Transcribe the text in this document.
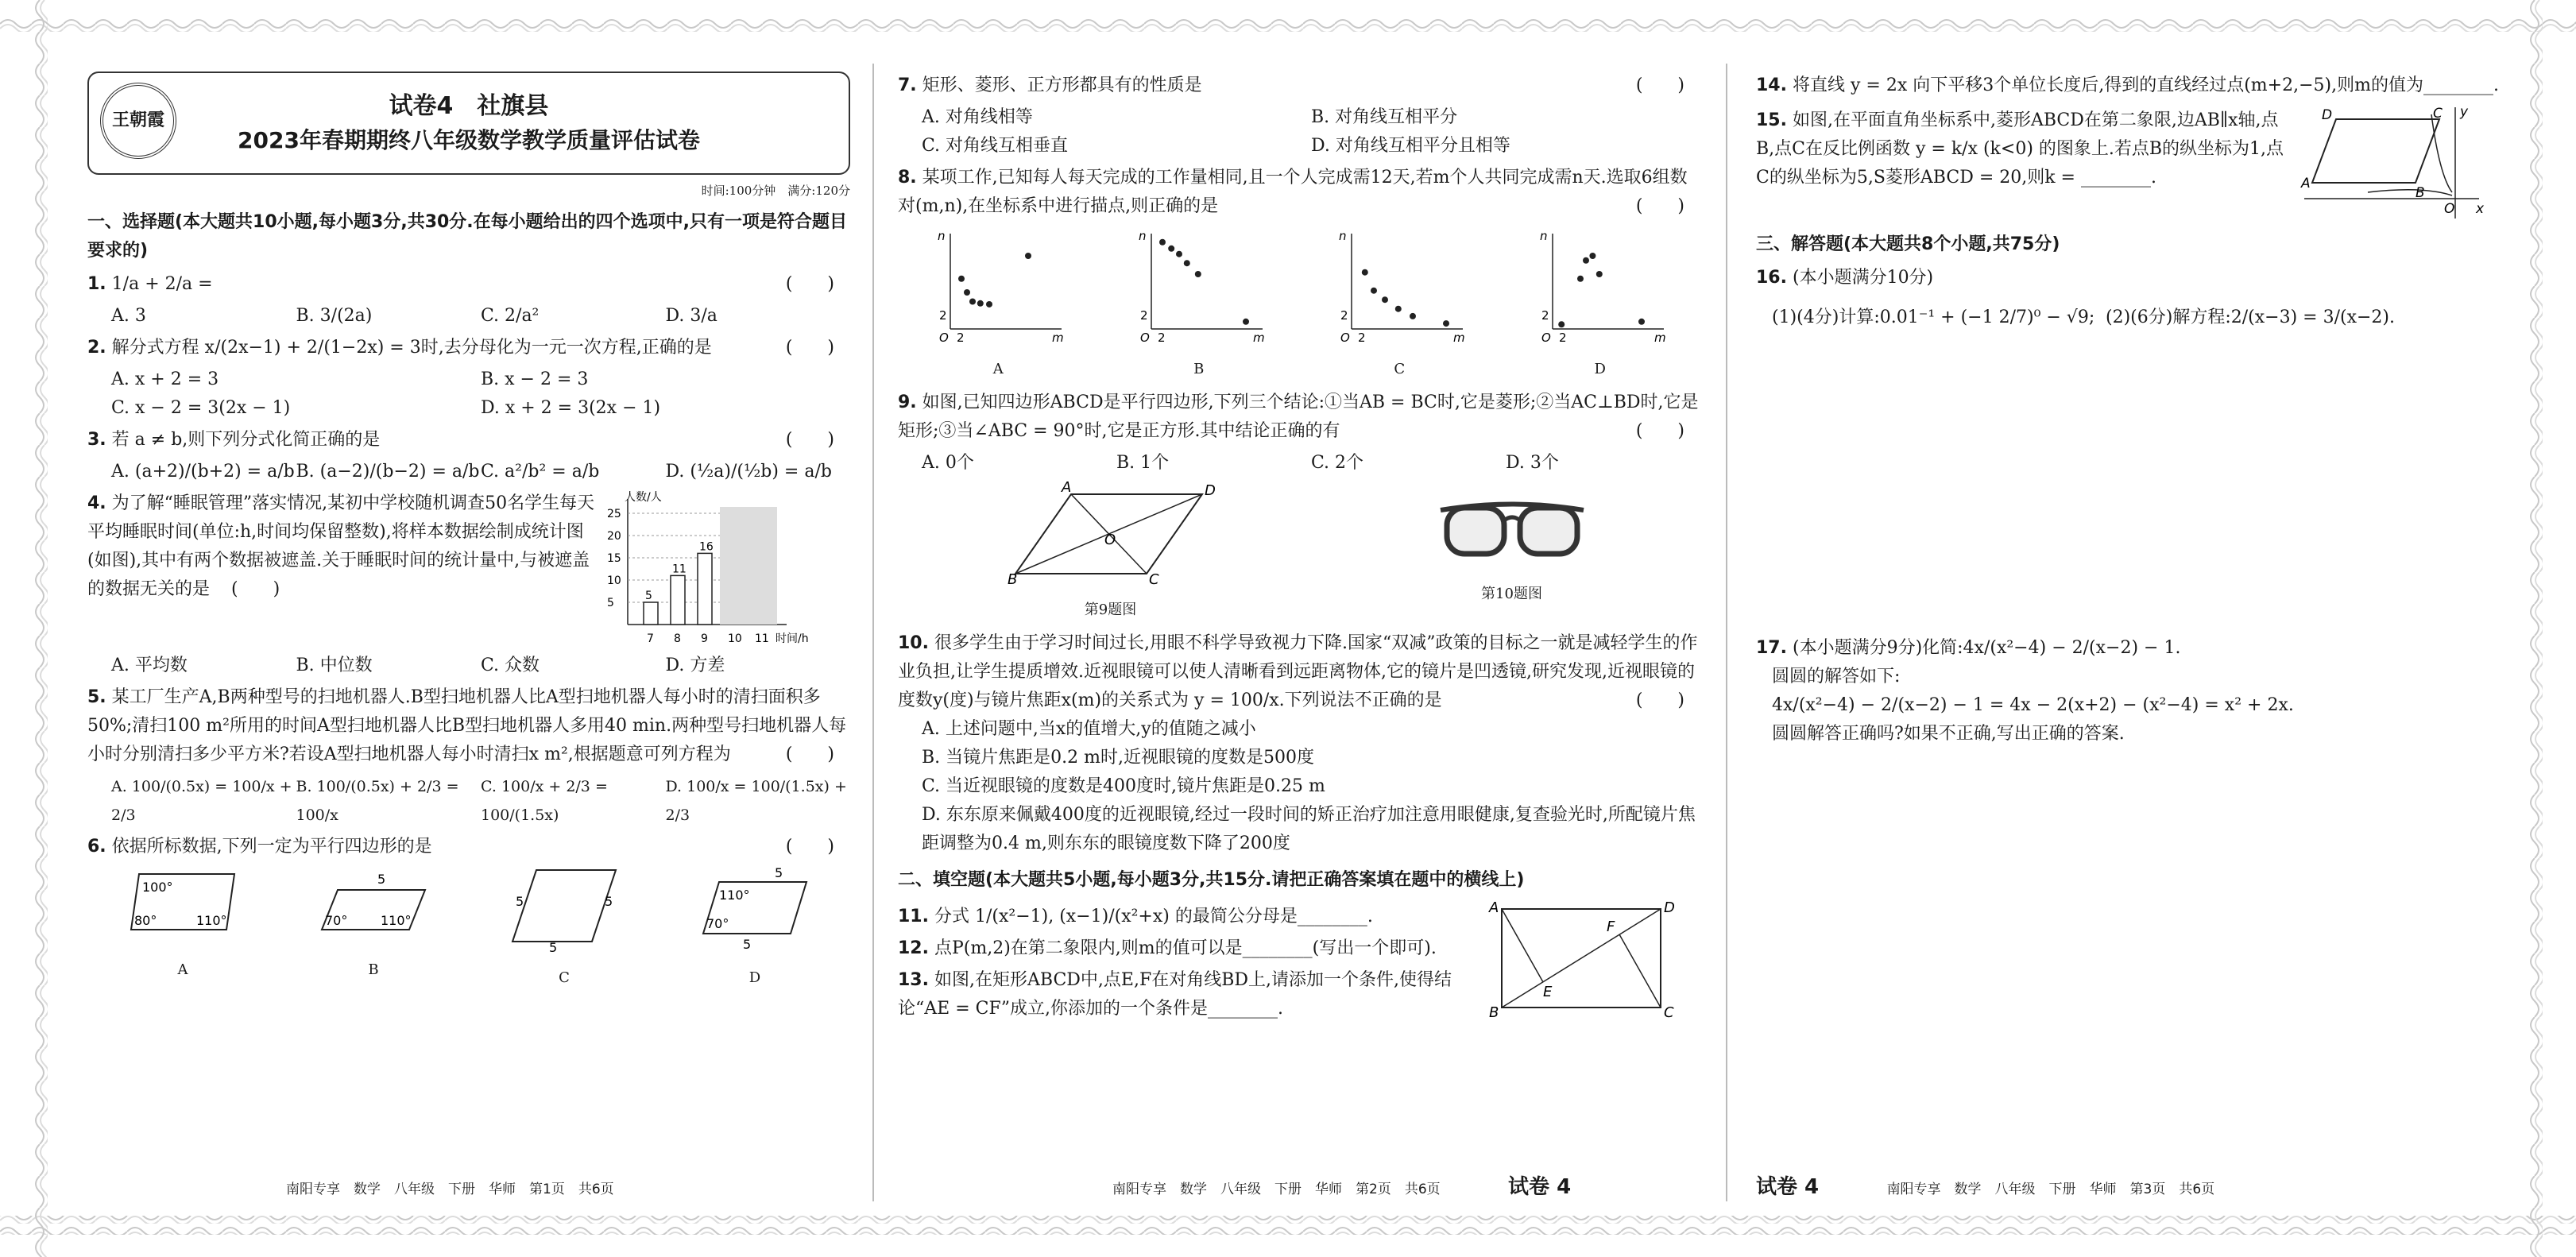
王朝霞
试卷4　社旗县
2023年春期期终八年级数学教学质量评估试卷
时间:100分钟　满分:120分
一、选择题(本大题共10小题,每小题3分,共30分.在每小题给出的四个选项中,只有一项是符合题目要求的)
1. 1/a + 2/a =	(　　)
A. 3	B. 3/(2a)	C. 2/a²	D. 3/a
2. 解分式方程 x/(2x−1) + 2/(1−2x) = 3时,去分母化为一元一次方程,正确的是	(　　)
A. x + 2 = 3	B. x − 2 = 3
C. x − 2 = 3(2x − 1)	D. x + 2 = 3(2x − 1)
3. 若 a ≠ b,则下列分式化简正确的是	(　　)
A. (a+2)/(b+2) = a/b B. (a−2)/(b−2) = a/b C. a²/b² = a/b	D. (½a)/(½b) = a/b
4. 为了解“睡眠管理”落实情况,某初中学校随机调查50名学生每天平均睡眠时间(单位:h,时间均保留整数),将样本数据绘制成统计图(如图),其中有两个数据被遮盖.关于睡眠时间的统计量中,与被遮盖的数据无关的是 (　　)
人数/人
时间/h
5
10
15
20
25
5
7
11
8
16
9 10 11
A. 平均数	B. 中位数	C. 众数	D. 方差
5. 某工厂生产A,B两种型号的扫地机器人.B型扫地机器人比A型扫地机器人每小时的清扫面积多50%;清扫100 m²所用的时间A型扫地机器人比B型扫地机器人多用40 min.两种型号扫地机器人每小时分别清扫多少平方米?若设A型扫地机器人每小时清扫x m²,根据题意可列方程为	(　　)
A. 100/(0.5x) = 100/x + 2/3
B. 100/(0.5x) + 2/3 = 100/x
C. 100/x + 2/3 = 100/(1.5x)
D. 100/x = 100/(1.5x) + 2/3
6. 依据所标数据,下列一定为平行四边形的是	(　　)
100°
80°	110°
A
5
70°	110°
B
5	5
5
C
5
110°
70°
5
D
南阳专享　数学　八年级　下册　华师　第1页　共6页
7. 矩形、菱形、正方形都具有的性质是	(　　)
A. 对角线相等	B. 对角线互相平分
C. 对角线互相垂直	D. 对角线互相平分且相等
8. 某项工作,已知每人每天完成的工作量相同,且一个人完成需12天,若m个人共同完成需n天.选取6组数对(m,n),在坐标系中进行描点,则正确的是	(　　)
n
m
O 2
2
A
n
m
O 2
2
B
n
m
O 2
2
C
n
m
O 2
2
D
9. 如图,已知四边形ABCD是平行四边形,下列三个结论:①当AB = BC时,它是菱形;②当AC⊥BD时,它是矩形;③当∠ABC = 90°时,它是正方形.其中结论正确的有	(　　)
A. 0个	B. 1个	C. 2个	D. 3个
A	D
B	C
O
第9题图
第10题图
10. 很多学生由于学习时间过长,用眼不科学导致视力下降.国家“双减”政策的目标之一就是减轻学生的作业负担,让学生提质增效.近视眼镜可以使人清晰看到远距离物体,它的镜片是凹透镜,研究发现,近视眼镜的度数y(度)与镜片焦距x(m)的关系式为 y = 100/x.下列说法不正确的是	(　　)
A. 上述问题中,当x的值增大,y的值随之减小
B. 当镜片焦距是0.2 m时,近视眼镜的度数是500度
C. 当近视眼镜的度数是400度时,镜片焦距是0.25 m
D. 东东原来佩戴400度的近视眼镜,经过一段时间的矫正治疗加注意用眼健康,复查验光时,所配镜片焦距调整为0.4 m,则东东的眼镜度数下降了200度
二、填空题(本大题共5小题,每小题3分,共15分.请把正确答案填在题中的横线上)
11. 分式 1/(x²−1), (x−1)/(x²+x) 的最简公分母是________.
12. 点P(m,2)在第二象限内,则m的值可以是________(写出一个即可).
13. 如图,在矩形ABCD中,点E,F在对角线BD上,请添加一个条件,使得结论“AE = CF”成立,你添加的一个条件是________.
A	D
B	C
E
F
南阳专享　数学　八年级　下册　华师　第2页　共6页	试卷 4
14. 将直线 y = 2x 向下平移3个单位长度后,得到的直线经过点(m+2,−5),则m的值为________.
15. 如图,在平面直角坐标系中,菱形ABCD在第二象限,边AB∥x轴,点B,点C在反比例函数 y = k/x (k<0) 的图象上.若点B的纵坐标为1,点C的纵坐标为5,S菱形ABCD = 20,则k = ________.
D	C
A
B
O x
y
三、解答题(本大题共8个小题,共75分)
16. (本小题满分10分)
(1)(4分)计算:0.01⁻¹ + (−1 2/7)⁰ − √9; (2)(6分)解方程:2/(x−3) = 3/(x−2).
17. (本小题满分9分)化简:4x/(x²−4) − 2/(x−2) − 1.
圆圆的解答如下:
4x/(x²−4) − 2/(x−2) − 1 = 4x − 2(x+2) − (x²−4) = x² + 2x.
圆圆解答正确吗?如果不正确,写出正确的答案.
试卷 4	南阳专享　数学　八年级　下册　华师　第3页　共6页
